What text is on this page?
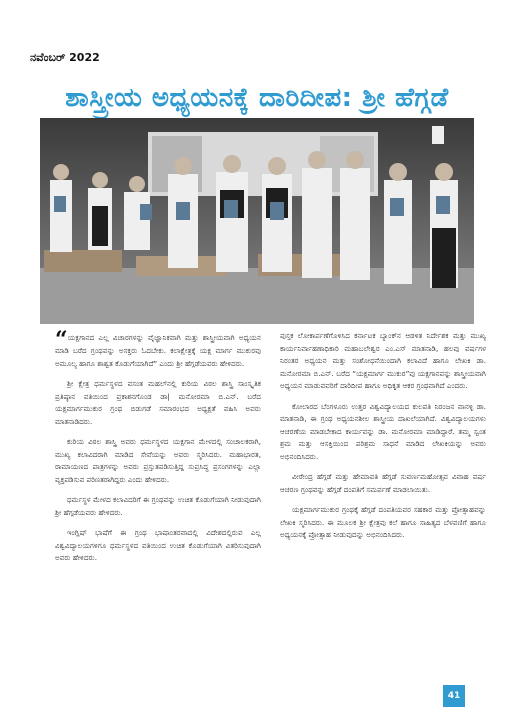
ನವೆಂಬರ್ 2022
ಶಾಸ್ತ್ರೀಯ ಅಧ್ಯಯನಕ್ಕೆ ದಾರಿದೀಪ: ಶ್ರೀ ಹೆಗ್ಗಡೆ

“ಯಕ್ಷಗಾನದ ಎಲ್ಲ ವಿಚಾರಗಳನ್ನು ವೈಜ್ಞಾನಿಕವಾಗಿ ಮತ್ತು ಶಾಸ್ತ್ರೀಯವಾಗಿ ಅಧ್ಯಯನ ಮಾಡಿ ಬರೆದ ಗ್ರಂಥವನ್ನು ಅಸಕ್ತರು ಓದಬೇಕು. ಕಲಾಕ್ಷೇತ್ರಕ್ಕೆ ಯಕ್ಷ ಮಾರ್ಗ ಮುಕುರವು ಅಮೂಲ್ಯ ಹಾಗೂ ಶಾಶ್ವತ ಕೊಡುಗೆಯಾಗಿದೆ” ಎಂದು ಶ್ರೀ ಹೆಗ್ಗಡೆಯವರು ಹೇಳಿದರು.

ಶ್ರೀ ಕ್ಷೇತ್ರ ಧರ್ಮಸ್ಥಳದ ವಸಂತ ಮಹಲ್‌ನಲ್ಲಿ ಕುರಿಯ ವಿಠಲ ಶಾಸ್ತ್ರಿ ಸಾಂಸ್ಕೃತಿಕ ಪ್ರತಿಷ್ಠಾನ ವತಿಯಿಂದ ಪ್ರಕಾಶನಗೊಂಡ ಡಾ| ಮನೋರಮಾ ಬಿ.ಎನ್. ಬರೆದ ಯಕ್ಷಮಾರ್ಗಮುಕುರ ಗ್ರಂಥ ಬಿಡುಗಡೆ ಸಮಾರಂಭದ ಅಧ್ಯಕ್ಷತೆ ವಹಿಸಿ ಅವರು ಮಾತನಾಡಿದರು.

ಕುರಿಯ ವಿಠಲ ಶಾಸ್ತ್ರಿ ಅವರು ಧರ್ಮಸ್ಥಳದ ಯಕ್ಷಗಾನ ಮೇಳದಲ್ಲಿ ಸಂಚಾಲಕರಾಗಿ, ಮುಖ್ಯ ಕಲಾವಿದರಾಗಿ ಮಾಡಿದ ಸೇವೆಯನ್ನು ಅವರು ಸ್ಮರಿಸಿದರು. ಮಹಾಭಾರತ, ರಾಮಾಯಣದ ಪಾತ್ರಗಳನ್ನು ಅವರು ಪ್ರಸ್ತುತಪಡಿಸುತ್ತಿದ್ದ ಸುಪ್ರಸಿದ್ಧ ಪ್ರಸಂಗಗಳನ್ನು ಎಲ್ಲಾ ವ್ಯಕ್ತಪಡಿಸುವ ಪರಿಣತರಾಗಿದ್ದರು ಎಂದು ಹೇಳಿದರು.

ಧರ್ಮಸ್ಥಳ ಮೇಳದ ಕಲಾವಿದರಿಗೆ ಈ ಗ್ರಂಥವನ್ನು ಉಚಿತ ಕೊಡುಗೆಯಾಗಿ ನೀಡುವುದಾಗಿ ಶ್ರೀ ಹೆಗ್ಗಡೆಯವರು ಹೇಳಿದರು.

ಇಂಗ್ಲಿಷ್ ಭಾಷೆಗೆ ಈ ಗ್ರಂಥ ಭಾಷಾಂತರವಾದಲ್ಲಿ ವಿದೇಶದಲ್ಲಿರುವ ಎಲ್ಲ ವಿಶ್ವವಿದ್ಯಾಲಯಗಳಿಗೂ ಧರ್ಮಸ್ಥಳದ ವತಿಯಿಂದ ಉಚಿತ ಕೊಡುಗೆಯಾಗಿ ವಿತರಿಸುವುದಾಗಿ ಅವರು ಹೇಳಿದರು.

ಪುಸ್ತಕ ಲೋಕಾರ್ಪಣೆಗೊಳಿಸಿದ ಕರ್ನಾಟಕ ಬ್ಯಾಂಕ್‌ನ ಆಡಳಿತ ನಿರ್ದೇಶಕ ಮತ್ತು ಮುಖ್ಯ ಕಾರ್ಯನಿರ್ವಾಹಣಾಧಿಕಾರಿ ಮಹಾಬಲೇಶ್ವರ ಎಂ.ಎಸ್ ಮಾತನಾಡಿ, ಹಲವು ವರ್ಷಗಳ ನಿರಂತರ ಅಧ್ಯಯನ ಮತ್ತು ಸಂಶೋಧನೆಯಿಂದಾಗಿ ಕಲಾವಿದೆ ಹಾಗೂ ಲೇಖಕಿ ಡಾ. ಮನೋರಮಾ ಬಿ.ಎನ್. ಬರೆದ “ಯಕ್ಷಮಾರ್ಗ ಮುಕುರ”ವು ಯಕ್ಷಗಾನವನ್ನು ಶಾಸ್ತ್ರೀಯವಾಗಿ ಅಧ್ಯಯನ ಮಾಡುವವರಿಗೆ ದಾರಿದೀಪ ಹಾಗೂ ಅಧಿಕೃತ ಆಕರ ಗ್ರಂಥವಾಗಿದೆ ಎಂದರು.

ಕೋಲಾರದ ಬೆಂಗಳೂರು ಉತ್ತರ ವಿಶ್ವವಿದ್ಯಾಲಯದ ಕುಲಪತಿ ನಿರಂಜನ ವಾನಳ್ಳಿ ಡಾ. ಮಾತನಾಡಿ, ಈ ಗ್ರಂಥ ಅಧ್ಯಯನಶೀಲ ಶಾಸ್ತ್ರೀಯ ದಾಖಲೆಯಾಗಿದೆ. ವಿಶ್ವವಿದ್ಯಾಲಯಗಳು ಆಚರಣೆಯ ಮಾಡಬೇಕಾದ ಕಾರ್ಯವನ್ನು ಡಾ. ಮನೋರಮಾ ಮಾಡಿದ್ದಾರೆ. ತಮ್ಮ ಸ್ವಂತ ಶ್ರಮ ಮತ್ತು ಆಸಕ್ತಿಯಿಂದ ಪರಿಶ್ರಮ ಸಾಧನೆ ಮಾಡಿದ ಲೇಖಕಿಯನ್ನು ಅವರು ಅಭಿನಂದಿಸಿದರು.

ವೀರೇಂದ್ರ ಹೆಗ್ಗಡೆ ಮತ್ತು ಹೇಮಾವತಿ ಹೆಗ್ಗಡೆ ಸುವರ್ಣಮಹೋತ್ಸವ ವಿವಾಹ ವರ್ಷ ಆಚರಣ ಗ್ರಂಥವನ್ನು ಹೆಗ್ಗಡೆ ದಂಪತಿಗೆ ಸಮರ್ಪಣೆ ಮಾಡಲಾಯಿತು.

ಯಕ್ಷಮಾರ್ಗಮುಕುರ ಗ್ರಂಥಕ್ಕೆ ಹೆಗ್ಗಡೆ ದಂಪತಿಯವರ ಸಹಕಾರ ಮತ್ತು ಪ್ರೋತ್ಸಾಹವನ್ನು ಲೇಖಕಿ ಸ್ಮರಿಸಿದರು. ಈ ಮೂಲಕ ಶ್ರೀ ಕ್ಷೇತ್ರವು ಕಲೆ ಹಾಗೂ ಸಾಹಿತ್ಯದ ಬೆಳವಣಿಗೆ ಹಾಗೂ ಅಧ್ಯಯನಕ್ಕೆ ಪ್ರೋತ್ಸಾಹ ನೀಡುವುದನ್ನು ಅಭಿನಂದಿಸಿದರು.

41
